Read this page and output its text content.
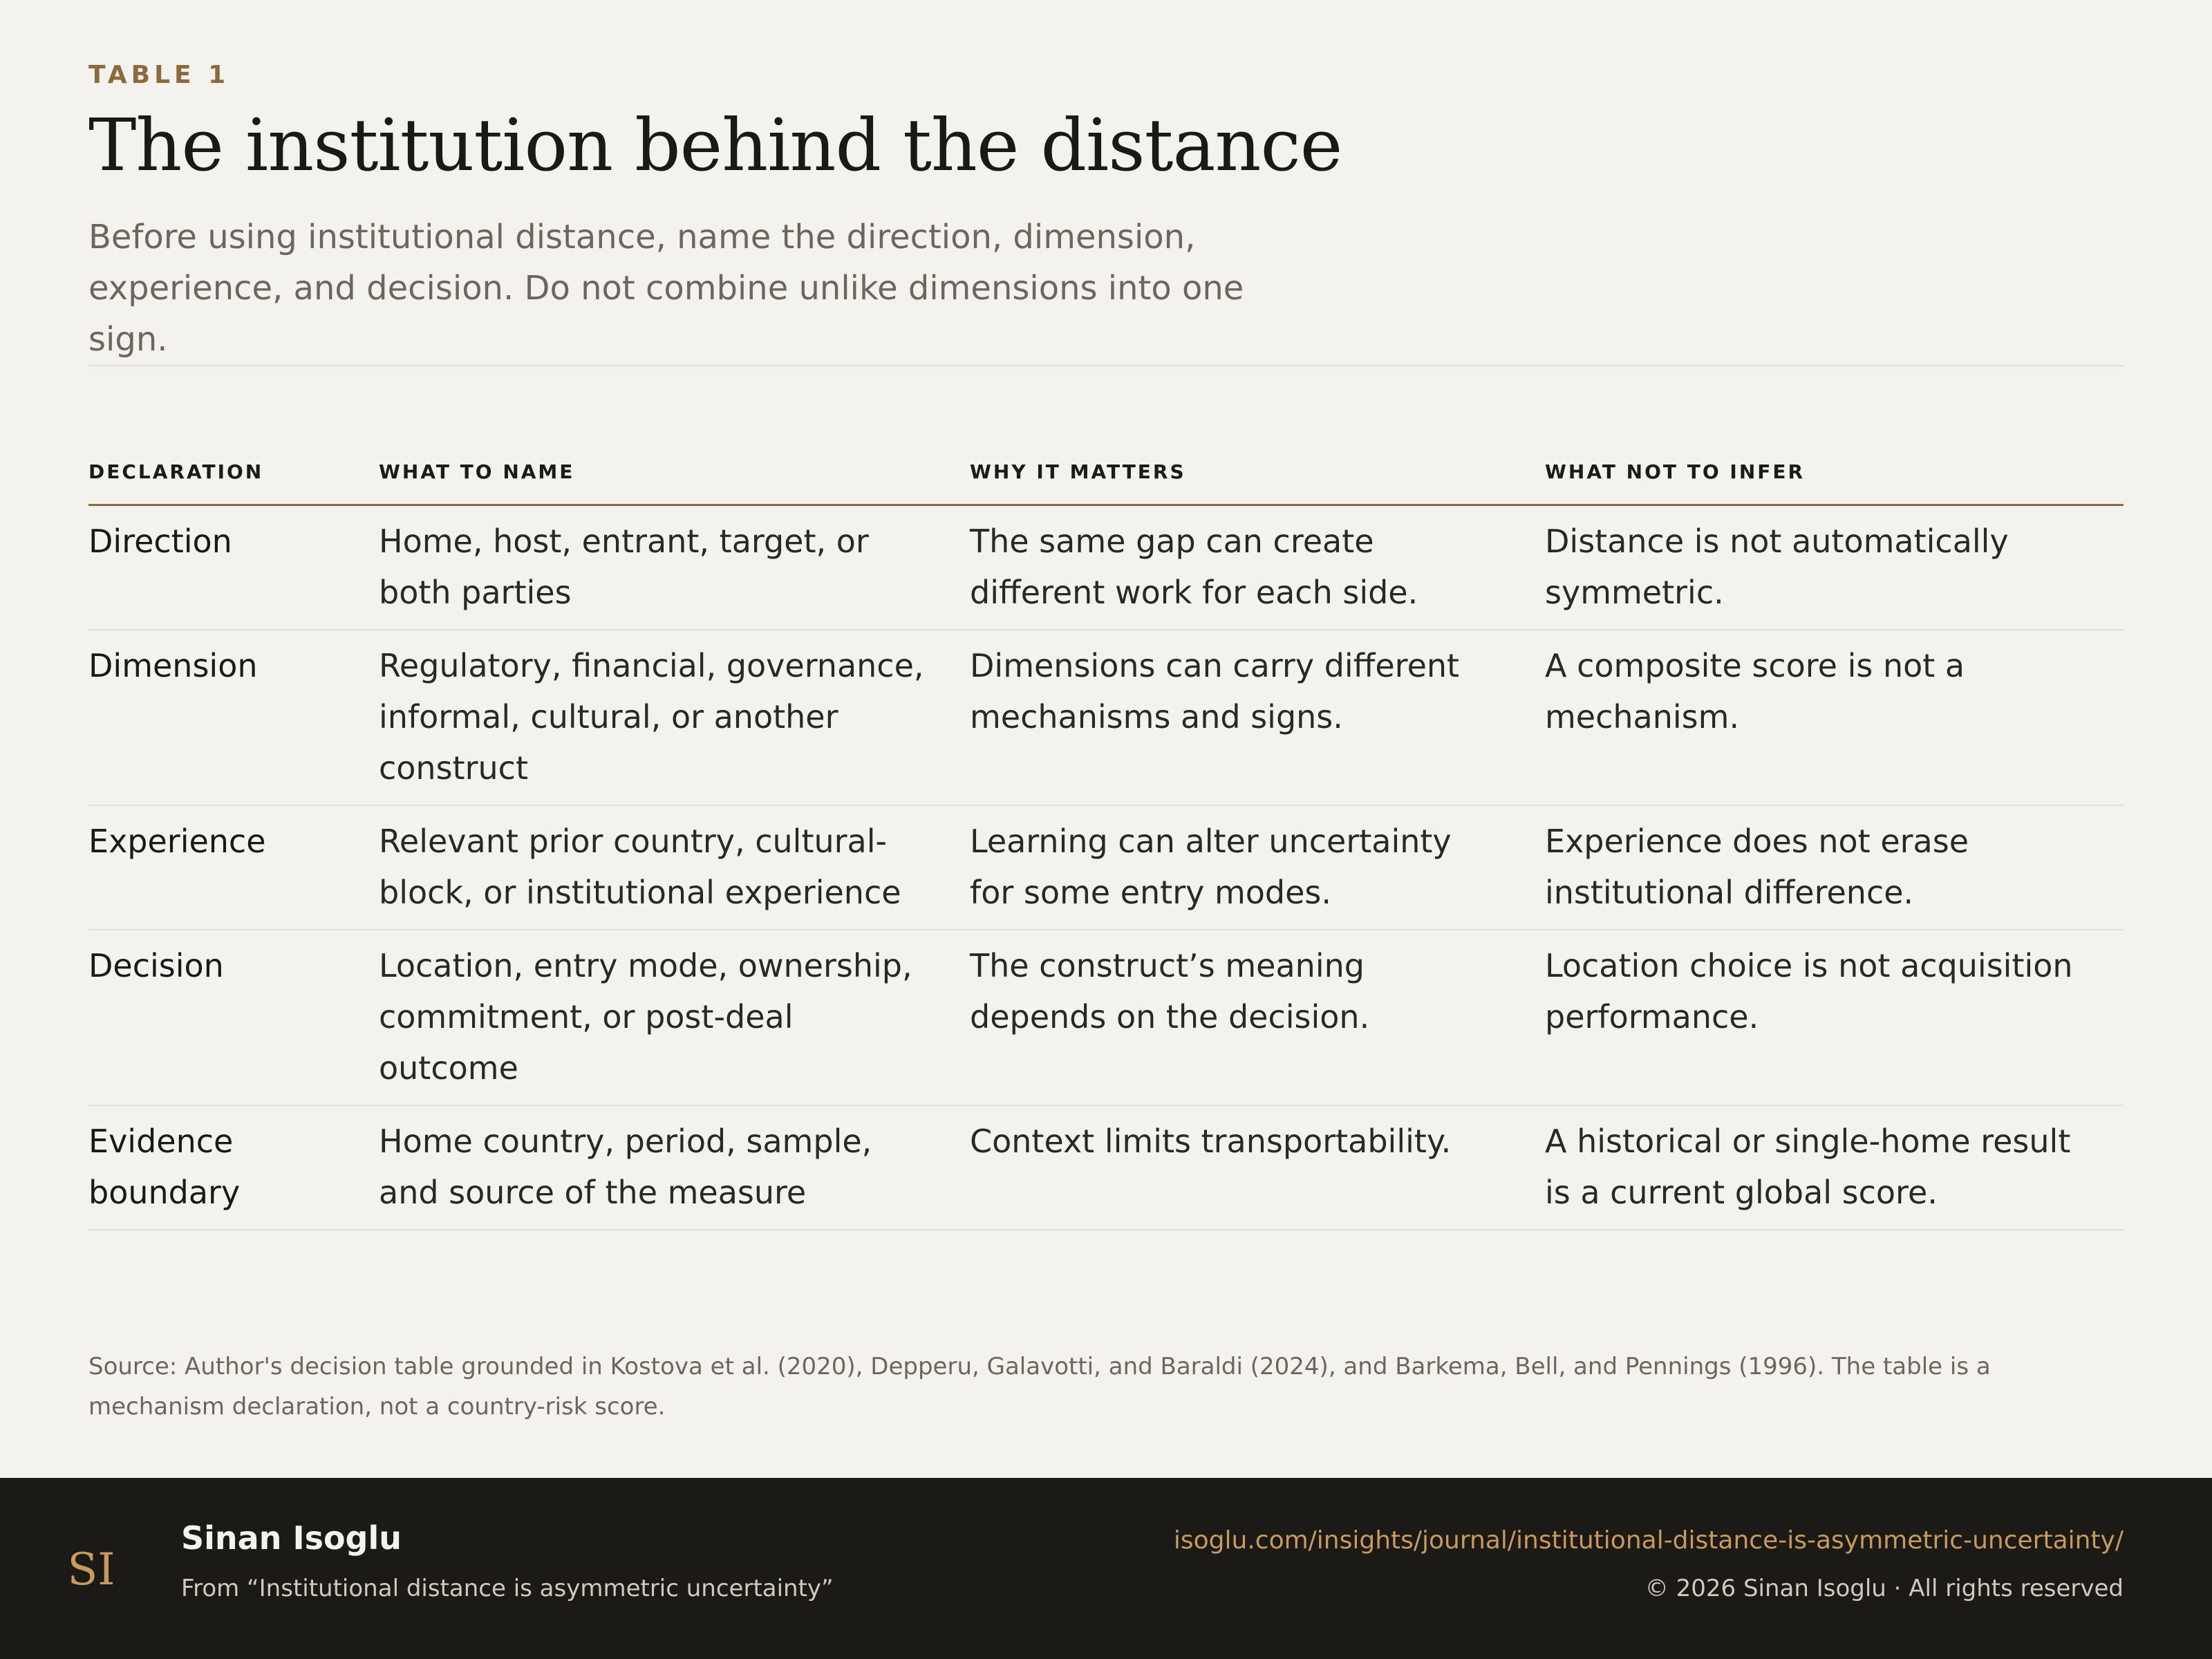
TABLE 1
The institution behind the distance

Before using institutional distance, name the direction, dimension, experience, and decision. Do not combine unlike dimensions into one sign.

DECLARATION	WHAT TO NAME	WHY IT MATTERS	WHAT NOT TO INFER
Direction	Home, host, entrant, target, or both parties	The same gap can create different work for each side.	Distance is not automatically symmetric.
Dimension	Regulatory, financial, governance, informal, cultural, or another construct	Dimensions can carry different mechanisms and signs.	A composite score is not a mechanism.
Experience	Relevant prior country, cultural-block, or institutional experience	Learning can alter uncertainty for some entry modes.	Experience does not erase institutional difference.
Decision	Location, entry mode, ownership, commitment, or post-deal outcome	The construct’s meaning depends on the decision.	Location choice is not acquisition performance.
Evidence boundary	Home country, period, sample, and source of the measure	Context limits transportability.	A historical or single-home result is a current global score.

Source: Author's decision table grounded in Kostova et al. (2020), Depperu, Galavotti, and Baraldi (2024), and Barkema, Bell, and Pennings (1996). The table is a mechanism declaration, not a country-risk score.

SI
Sinan Isoglu
From “Institutional distance is asymmetric uncertainty”
isoglu.com/insights/journal/institutional-distance-is-asymmetric-uncertainty/
© 2026 Sinan Isoglu · All rights reserved
